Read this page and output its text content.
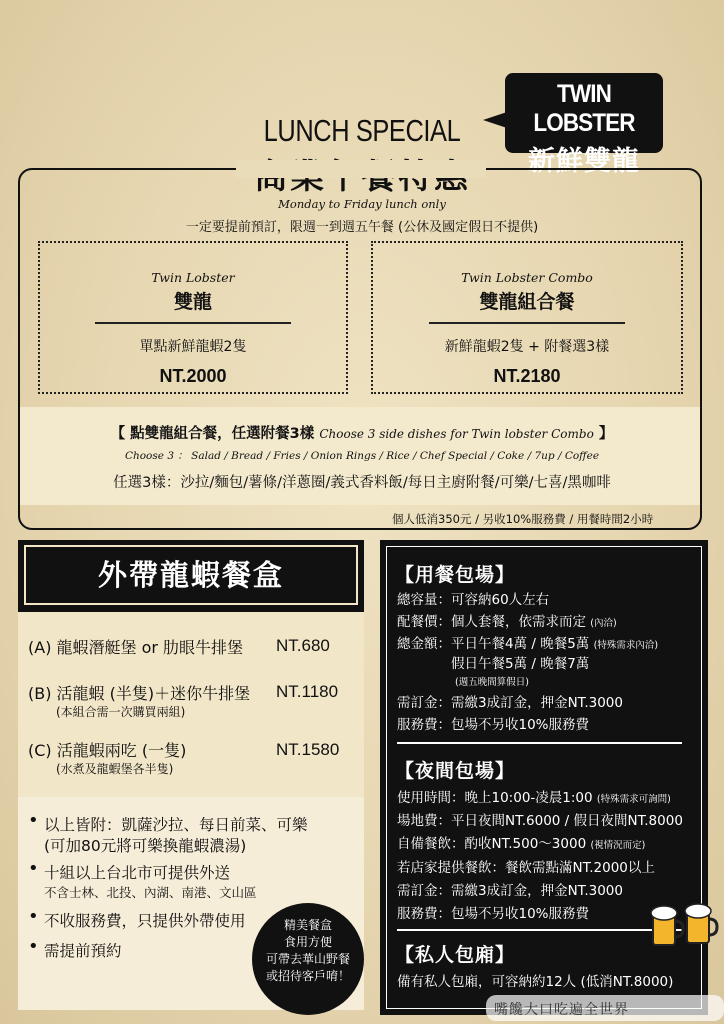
LUNCH SPECIAL
TWIN LOBSTER
新鮮雙龍
Monday to Friday lunch only
一定要提前預訂，限週一到週五午餐 (公休及國定假日不提供)
Twin Lobster
雙龍
單點新鮮龍蝦2隻
NT.2000
Twin Lobster Combo
雙龍組合餐
新鮮龍蝦2隻 + 附餐選3樣
NT.2180
【 點雙龍組合餐，任選附餐3樣 Choose 3 side dishes for Twin lobster Combo 】
Choose 3 ： Salad / Bread / Fries / Onion Rings / Rice / Chef Special / Coke / 7up / Coffee
任選3樣：沙拉/麵包/薯條/洋蔥圈/義式香料飯/每日主廚附餐/可樂/七喜/黑咖啡
個人低消350元 / 另收10%服務費 / 用餐時間2小時
外帶龍蝦餐盒
(A) 龍蝦潛艇堡 or 肋眼牛排堡 NT.680
(B) 活龍蝦 (半隻)＋迷你牛排堡
(本組合需一次購買兩組)
NT.1180
(C) 活龍蝦兩吃 (一隻)
(水煮及龍蝦堡各半隻)
NT.1580
• 以上皆附：凱薩沙拉、每日前菜、可樂
(可加80元將可樂換龍蝦濃湯)
• 十組以上台北市可提供外送
不含士林、北投、內湖、南港、文山區
• 不收服務費，只提供外帶使用
• 需提前預約
精美餐盒
食用方便
可帶去華山野餐
或招待客戶唷！
【用餐包場】
總容量：可容納60人左右
配餐價：個人套餐，依需求而定 (內洽)
總金額：平日午餐4萬 / 晚餐5萬 (特殊需求內洽)
　　　　假日午餐5萬 / 晚餐7萬
(週五晚間算假日)
需訂金：需繳3成訂金，押金NT.3000
服務費：包場不另收10%服務費
【夜間包場】
使用時間：晚上10:00-凌晨1:00 (特殊需求可詢問)
場地費：平日夜間NT.6000 / 假日夜間NT.8000
自備餐飲：酌收NT.500～3000 (視情況而定)
若店家提供餐飲：餐飲需點滿NT.2000以上
需訂金：需繳3成訂金，押金NT.3000
服務費：包場不另收10%服務費
【私人包廂】
備有私人包廂，可容納約12人 (低消NT.8000)
嘴饞大口吃遍全世界
